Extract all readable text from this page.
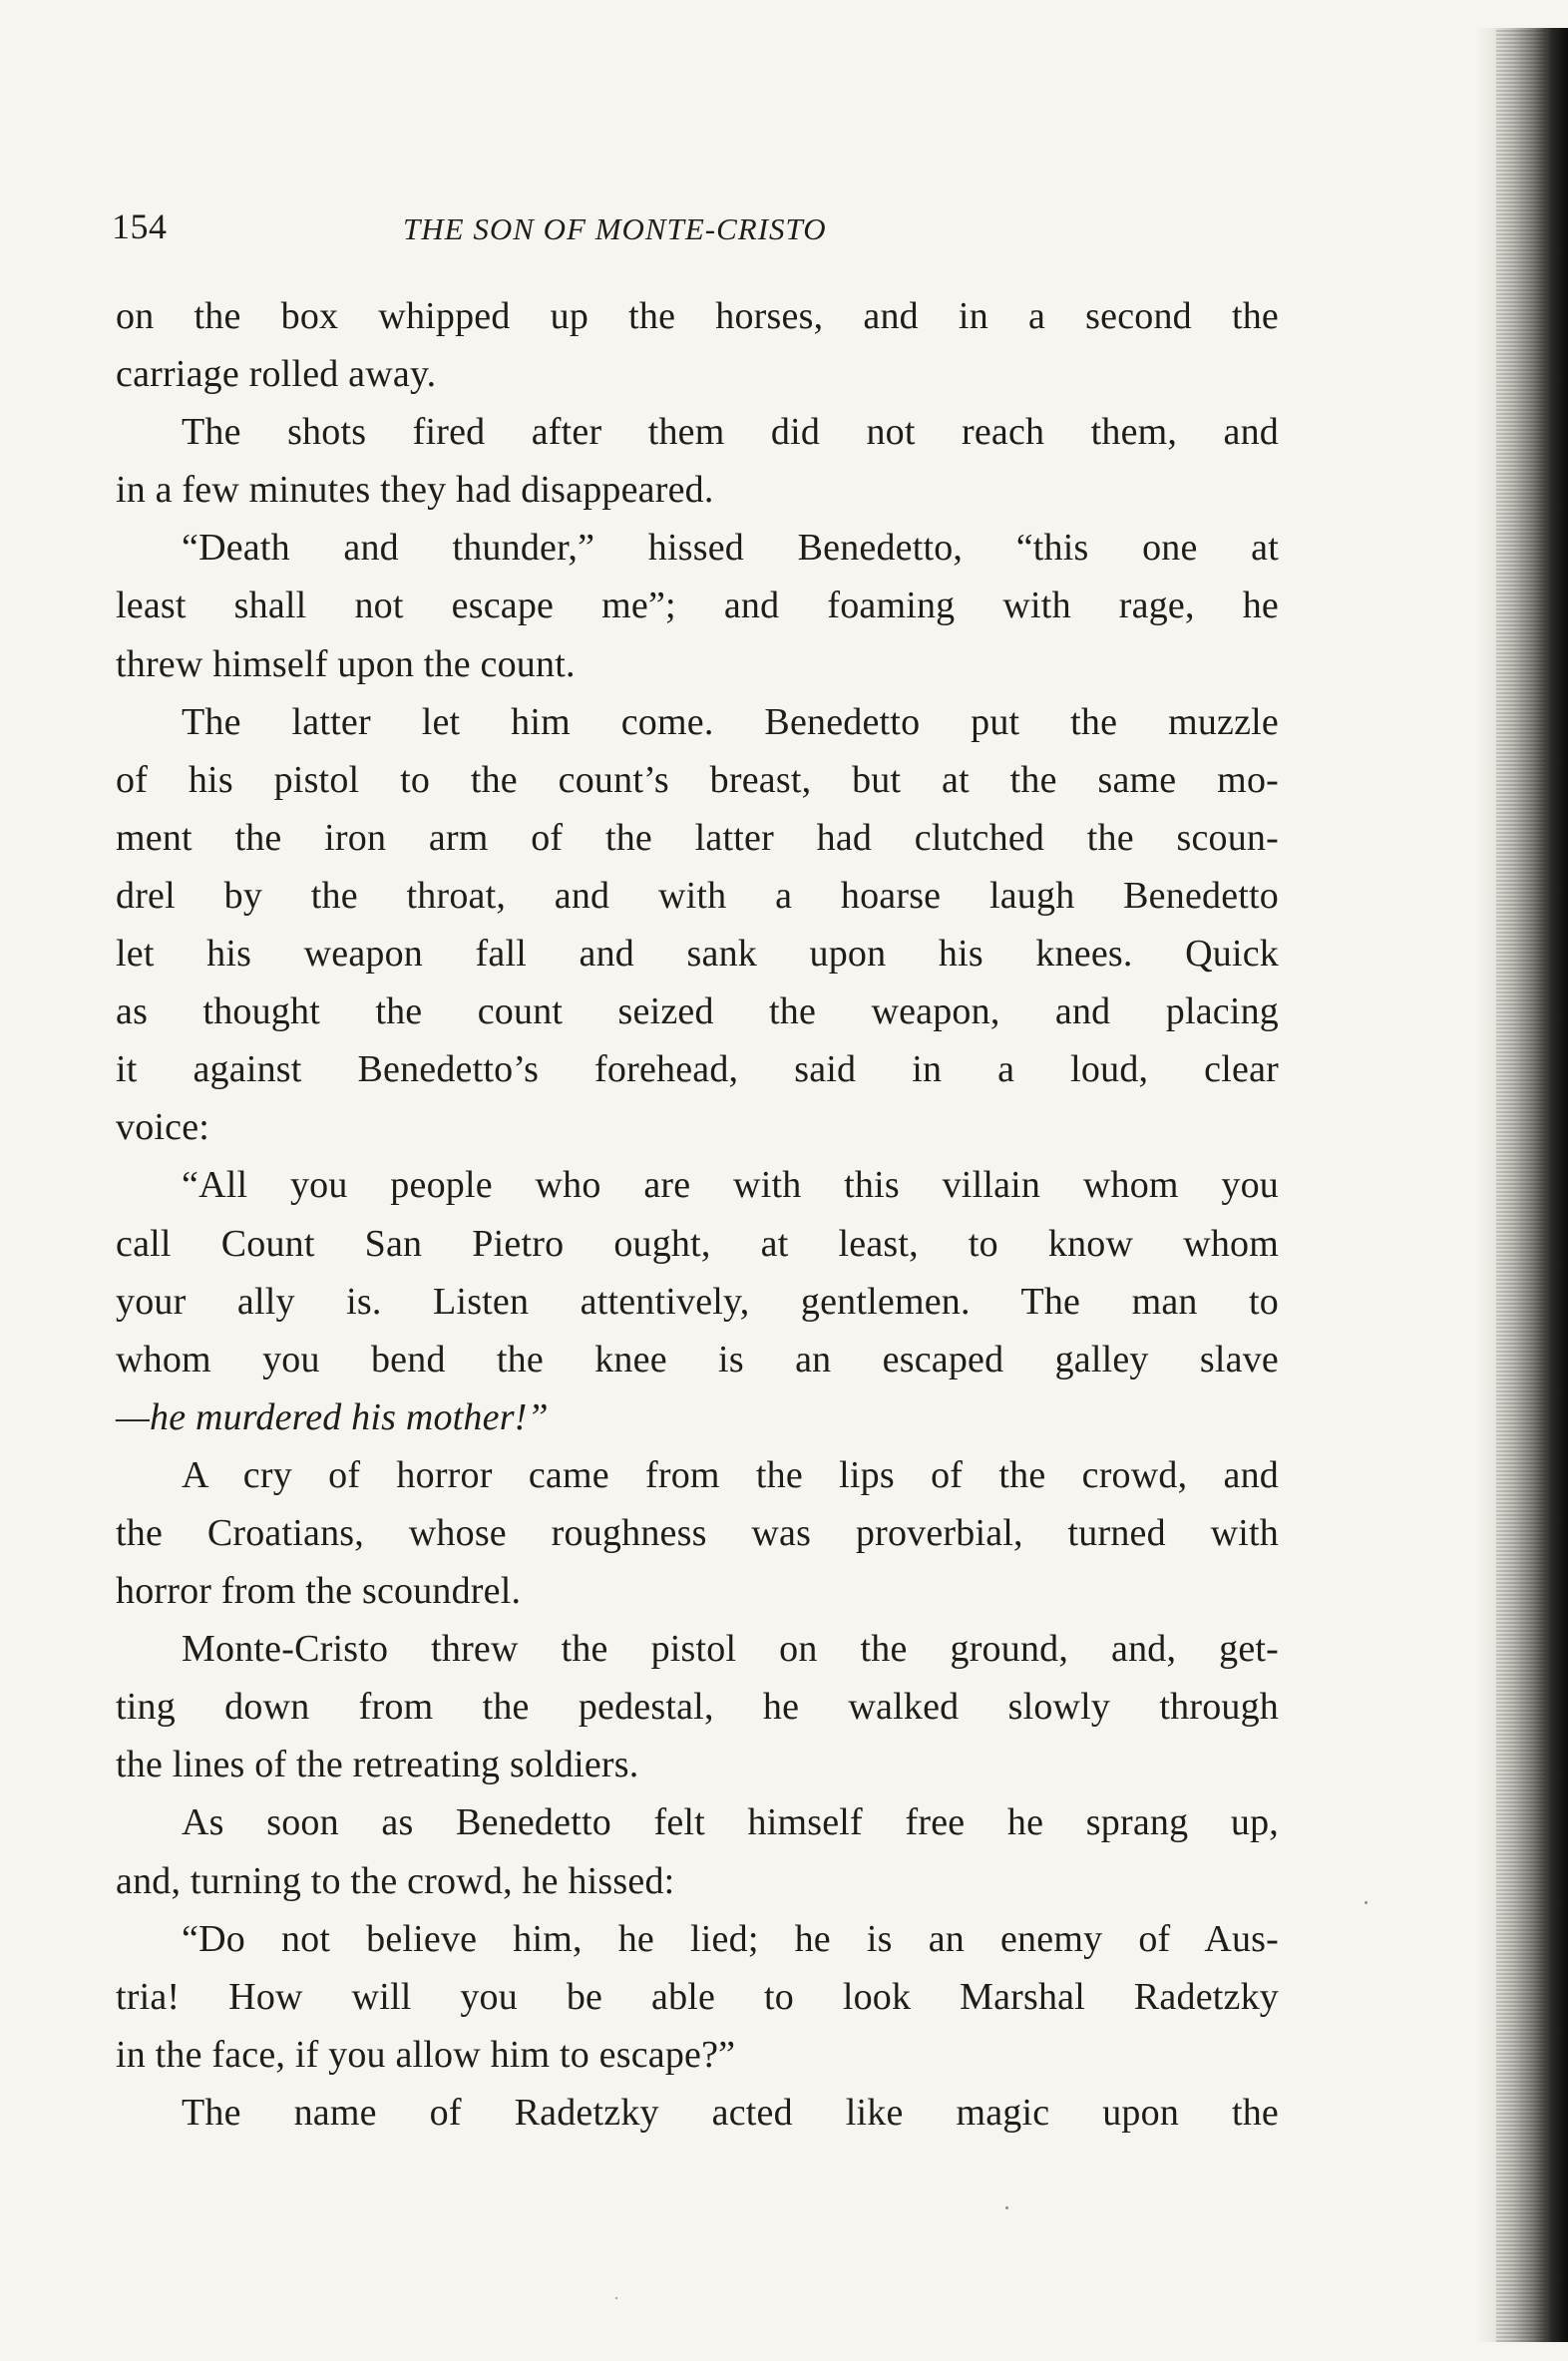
154	THE SON OF MONTE-CRISTO
on the box whipped up the horses, and in a second the
carriage rolled away.
The shots fired after them did not reach them, and
in a few minutes they had disappeared.
“Death and thunder,” hissed Benedetto, “this one at
least shall not escape me”; and foaming with rage, he
threw himself upon the count.
The latter let him come. Benedetto put the muzzle
of his pistol to the count’s breast, but at the same mo-
ment the iron arm of the latter had clutched the scoun-
drel by the throat, and with a hoarse laugh Benedetto
let his weapon fall and sank upon his knees. Quick
as thought the count seized the weapon, and placing
it against Benedetto’s forehead, said in a loud, clear
voice:
“All you people who are with this villain whom you
call Count San Pietro ought, at least, to know whom
your ally is. Listen attentively, gentlemen. The man to
whom you bend the knee is an escaped galley slave
—he murdered his mother!”
A cry of horror came from the lips of the crowd, and
the Croatians, whose roughness was proverbial, turned with
horror from the scoundrel.
Monte-Cristo threw the pistol on the ground, and, get-
ting down from the pedestal, he walked slowly through
the lines of the retreating soldiers.
As soon as Benedetto felt himself free he sprang up,
and, turning to the crowd, he hissed:
“Do not believe him, he lied; he is an enemy of Aus-
tria! How will you be able to look Marshal Radetzky
in the face, if you allow him to escape?”
The name of Radetzky acted like magic upon the
